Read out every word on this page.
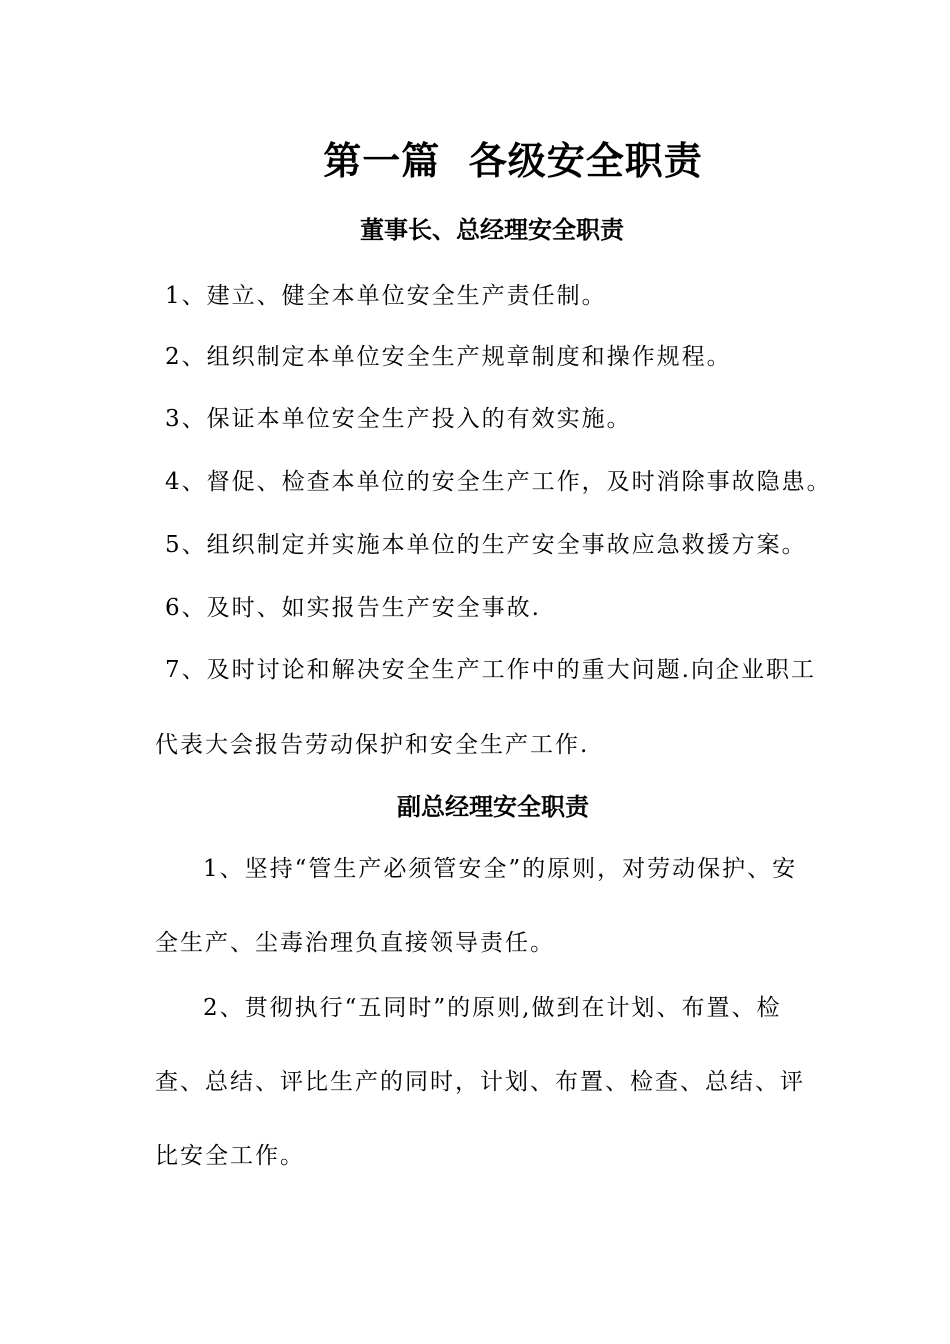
第一篇  各级安全职责
董事长、总经理安全职责
1、建立、健全本单位安全生产责任制。
2、组织制定本单位安全生产规章制度和操作规程。
3、保证本单位安全生产投入的有效实施。
4、督促、检查本单位的安全生产工作，及时消除事故隐患。
5、组织制定并实施本单位的生产安全事故应急救援方案。
6、及时、如实报告生产安全事故.
7、及时讨论和解决安全生产工作中的重大问题.向企业职工
代表大会报告劳动保护和安全生产工作.
副总经理安全职责
1、坚持“管生产必须管安全”的原则，对劳动保护、安
全生产、尘毒治理负直接领导责任。
2、贯彻执行“五同时”的原则,做到在计划、布置、检
查、总结、评比生产的同时，计划、布置、检查、总结、评
比安全工作。
